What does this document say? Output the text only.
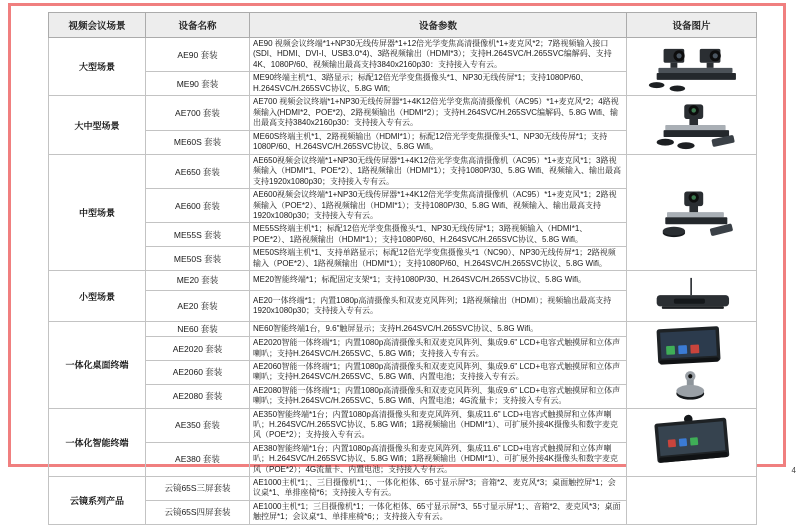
视频会议场景	设备名称	设备参数	设备图片
大型场景	AE90 套装	AE90 视频会议终端*1+NP30无线传屏器*1+12倍光学变焦高清摄像机*1+麦克风*2；7路视频输入接口(SDI、HDMI、DVI-I、USB3.0*4)、3路视频输出（HDMI*3）；支持H.264SVC/H.265SVC编解码、支持4K、1080P/60、视频输出最高支持3840x2160p30：支持接入专有云。	

	ME90 套装	ME90终端主机*1、3路显示；标配12倍光学变焦摄像头*1、NP30无线传屏*1；支持1080P/60、H.264SVC/H.265SVC协议、5.8G Wifi;	
大中型场景	AE700 套装	AE700 视频会议终端*1+NP30无线传屏器*1+4K12倍光学变焦高清摄像机（AC95）*1+麦克风*2；4路视频输入(HDMI*2、POE*2)、2路视频输出（HDMI*2）；支持H.264SVC/H.265SVC编解码、5.8G Wifi、输出最高支持3840x2160p30：支持接入专有云。	

	ME60S 套装	ME60S终端主机*1、2路视频输出（HDMI*1）；标配12倍光学变焦摄像头*1、NP30无线传屏*1；支持1080P/60、H.264SVC/H.265SVC协议、5.8G Wifi。	
中型场景	AE650 套装	AE650视频会议终端*1+NP30无线传屏器*1+4K12倍光学变焦高清摄像机（AC95）*1+麦克风*1；3路视频输入（HDMI*1、POE*2）、1路视频输出（HDMI*1）；支持1080P/30、5.8G Wifi、视频输入、输出最高支持1920x1080p30；支持接入专有云。	

	AE600 套装	AE600视频会议终端*1+NP30无线传屏器*1+4K12倍光学变焦高清摄像机（AC95）*1+麦克风*1；2路视频输入（POE*2）、1路视频输出（HDMI*1）；支持1080P/30、5.8G Wifi、视频输入、输出最高支持1920x1080p30；支持接入专有云。	
	ME55S 套装	ME55S终端主机*1；标配12倍光学变焦摄像头*1、NP30无线传屏*1；3路视频输入（HDMI*1、POE*2）、1路视频输出（HDMI*1）；支持1080P/60、H.264SVC/H.265SVC协议、5.8G Wifi。	
	ME50S 套装	ME50S终端主机*1、支持单路显示；标配12倍光学变焦摄像头*1（NC90）、NP30无线传屏*1；2路视频输入（POE*2）、1路视频输出（HDMI*1）；支持1080P/60、H.264SVC/H.265SVC协议、5.8G Wifi。	
小型场景	ME20 套装	ME20智能终端*1；标配固定支架*1；支持1080P/30、H.264SVC/H.265SVC协议、5.8G Wifi。	

	AE20 套装	AE20一体终端*1；内置1080p高清摄像头和双麦克风阵列；1路视频输出（HDMI）；视频输出最高支持1920x1080p30；支持接入专有云。	
一体化桌面终端	NE60 套装	NE60智能终端1台，9.6"触屏显示；支持H.264SVC/H.265SVC协议、5.8G Wifi。	

	AE2020 套装	AE2020智能一体终端*1；内置1080p高清摄像头和双麦克风阵列、集成9.6" LCD+电容式触摸屏和立体声喇叭；支持H.264SVC/H.265SVC、5.8G Wifi；支持接入专有云。	
	AE2060 套装	AE2060智能一体终端*1；内置1080p高清摄像头和双麦克风阵列、集成9.6" LCD+电容式触摸屏和立体声喇叭；支持H.264SVC/H.265SVC、5.8G Wifi、内置电池；支持接入专有云。	
	AE2080 套装	AE2080智能一体终端*1；内置1080p高清摄像头和双麦克风阵列、集成9.6" LCD+电容式触摸屏和立体声喇叭；支持H.264SVC/H.265SVC、5.8G Wifi、内置电池；4G流量卡；支持接入专有云。	
一体化智能终端	AE350 套装	AE350智能终端*1台；内置1080p高清摄像头和麦克风阵列、集成11.6" LCD+电容式触摸屏和立体声喇叭；H.264SVC/H.265SVC协议、5.8G Wifi；1路视频输出（HDMI*1）、可扩展外接4K摄像头和数字麦克风（POE*2）；支持接入专有云。	

	AE380 套装	AE380智能终端*1台；内置1080p高清摄像头和麦克风阵列、集成11.6" LCD+电容式触摸屏和立体声喇叭；H.264SVC/H.265SVC协议、5.8G Wifi；1路视频输出（HDMI*1）、可扩展外接4K摄像头和数字麦克风（POE*2）；4G流量卡、内置电池；支持接入专有云。	
云镜系列产品	云镜65S三屏套装	AE1000主机*1；、三目摄像机*1；、一体化柜体、65寸显示屏*3；音箱*2、麦克风*3；桌面触控屏*1；会议桌*1、单排座椅*6；支持接入专有云。	
	云镜65S四屏套装	AE1000主机*1；三目摄像机*1；一体化柜体、65寸显示屏*3、55寸显示屏*1；、音箱*2、麦克风*3；桌面触控屏*1；会议桌*1、单排座椅*6；；支持接入专有云。	
4
